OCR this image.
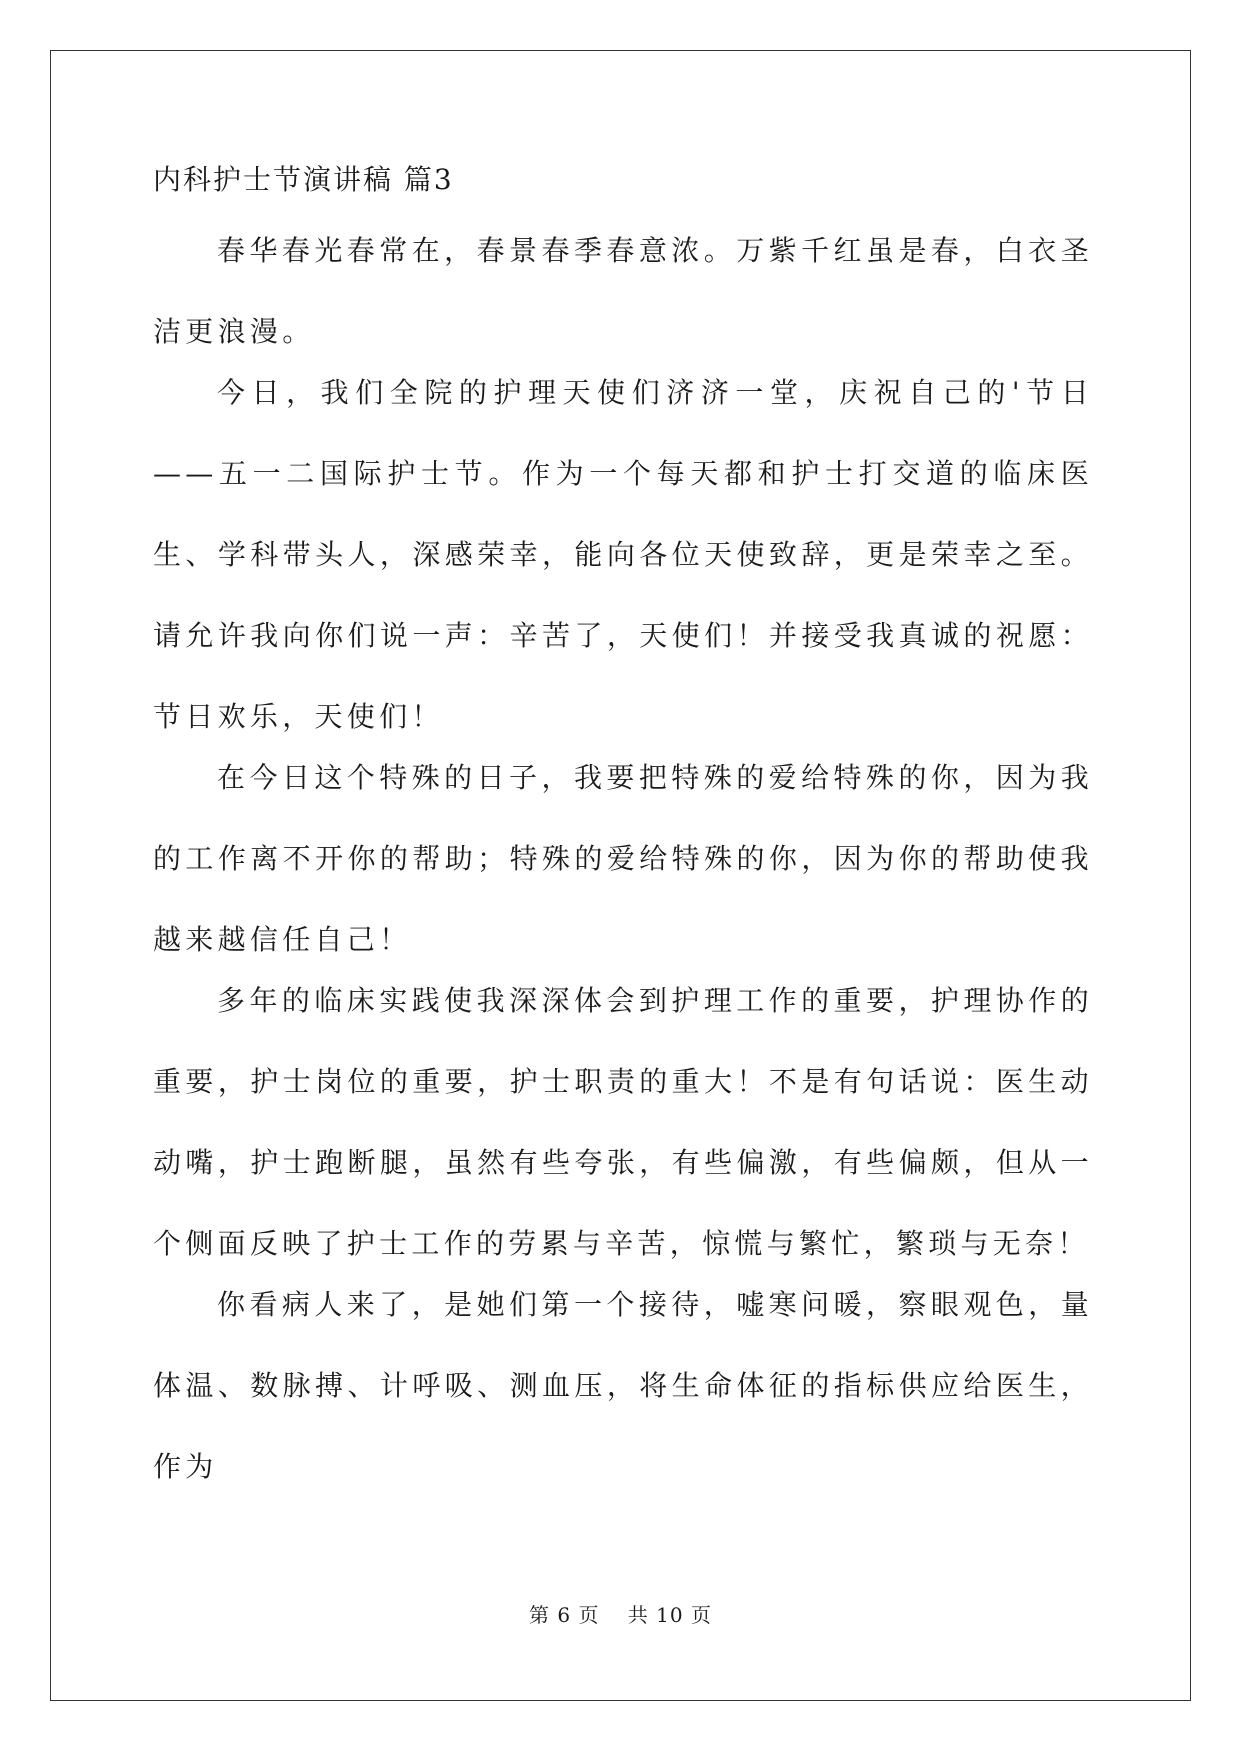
内科护士节演讲稿 篇3

春华春光春常在，春景春季春意浓。万紫千红虽是春，白衣圣洁更浪漫。

今日，我们全院的护理天使们济济一堂，庆祝自己的'节日——五一二国际护士节。作为一个每天都和护士打交道的临床医生、学科带头人，深感荣幸，能向各位天使致辞，更是荣幸之至。请允许我向你们说一声：辛苦了，天使们！并接受我真诚的祝愿：节日欢乐，天使们！

在今日这个特殊的日子，我要把特殊的爱给特殊的你，因为我的工作离不开你的帮助；特殊的爱给特殊的你，因为你的帮助使我越来越信任自己！

多年的临床实践使我深深体会到护理工作的重要，护理协作的重要，护士岗位的重要，护士职责的重大！不是有句话说：医生动动嘴，护士跑断腿，虽然有些夸张，有些偏激，有些偏颇，但从一个侧面反映了护士工作的劳累与辛苦，惊慌与繁忙，繁琐与无奈！

你看病人来了，是她们第一个接待，嘘寒问暖，察眼观色，量体温、数脉搏、计呼吸、测血压，将生命体征的指标供应给医生，作为

第 6 页　 共 10 页
